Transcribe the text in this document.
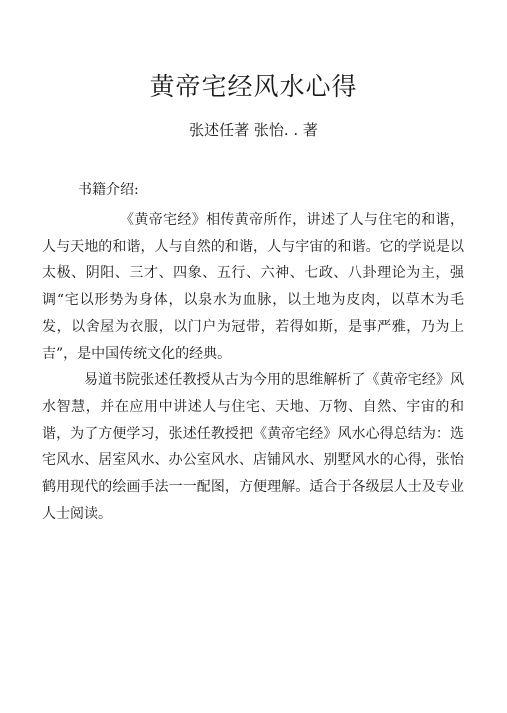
黄帝宅经风水心得
张述任著 张怡. . 著
书籍介绍:

《黄帝宅经》相传黄帝所作，讲述了人与住宅的和谐，人与天地的和谐，人与自然的和谐，人与宇宙的和谐。它的学说是以太极、阴阳、三才、四象、五行、六神、七政、八卦理论为主，强调“宅以形势为身体，以泉水为血脉，以土地为皮肉，以草木为毛发，以舍屋为衣服，以门户为冠带，若得如斯，是事严雅，乃为上吉”，是中国传统文化的经典。

易道书院张述任教授从古为今用的思维解析了《黄帝宅经》风水智慧，并在应用中讲述人与住宅、天地、万物、自然、宇宙的和谐，为了方便学习，张述任教授把《黄帝宅经》风水心得总结为：选宅风水、居室风水、办公室风水、店铺风水、别墅风水的心得，张怡鹤用现代的绘画手法一一配图，方便理解。适合于各级层人士及专业人士阅读。
